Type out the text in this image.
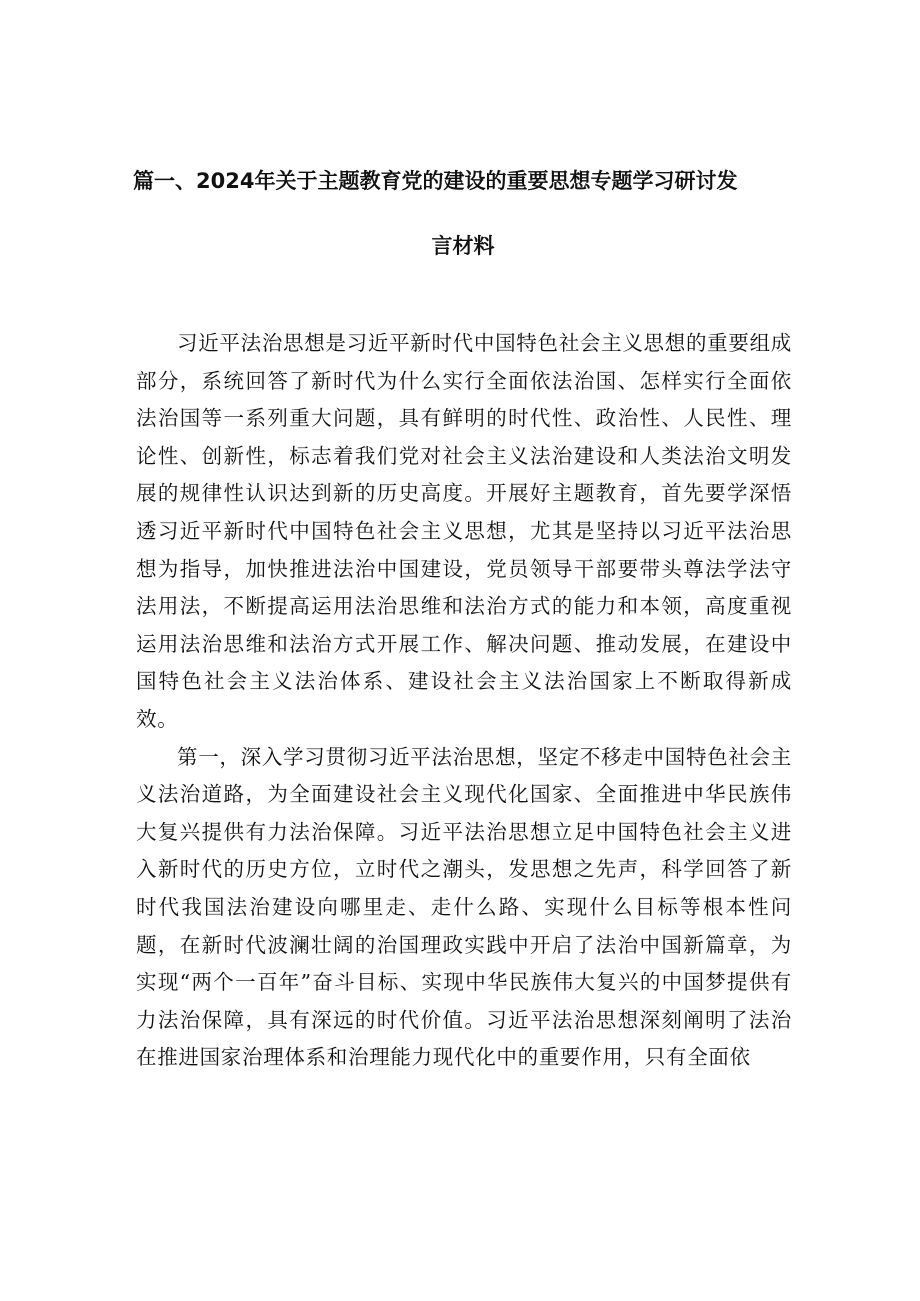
篇一、2024年关于主题教育党的建设的重要思想专题学习研讨发
言材料

习近平法治思想是习近平新时代中国特色社会主义思想的重要组成部分，系统回答了新时代为什么实行全面依法治国、怎样实行全面依法治国等一系列重大问题，具有鲜明的时代性、政治性、人民性、理论性、创新性，标志着我们党对社会主义法治建设和人类法治文明发展的规律性认识达到新的历史高度。开展好主题教育，首先要学深悟透习近平新时代中国特色社会主义思想，尤其是坚持以习近平法治思想为指导，加快推进法治中国建设，党员领导干部要带头尊法学法守法用法，不断提高运用法治思维和法治方式的能力和本领，高度重视运用法治思维和法治方式开展工作、解决问题、推动发展，在建设中国特色社会主义法治体系、建设社会主义法治国家上不断取得新成效。

第一，深入学习贯彻习近平法治思想，坚定不移走中国特色社会主义法治道路，为全面建设社会主义现代化国家、全面推进中华民族伟大复兴提供有力法治保障。习近平法治思想立足中国特色社会主义进入新时代的历史方位，立时代之潮头，发思想之先声，科学回答了新时代我国法治建设向哪里走、走什么路、实现什么目标等根本性问题，在新时代波澜壮阔的治国理政实践中开启了法治中国新篇章，为实现“两个一百年”奋斗目标、实现中华民族伟大复兴的中国梦提供有力法治保障，具有深远的时代价值。习近平法治思想深刻阐明了法治在推进国家治理体系和治理能力现代化中的重要作用，只有全面依
